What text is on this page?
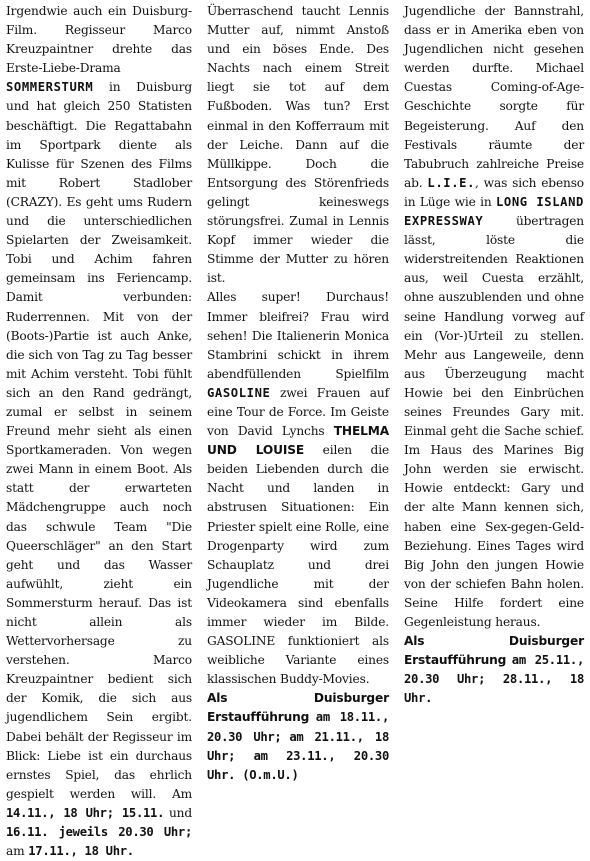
Irgendwie auch ein Duisburg-Film. Regisseur Marco Kreuzpaintner drehte das Erste-Liebe-Drama SOMMERSTURM in Duisburg und hat gleich 250 Statisten beschäftigt. Die Regattabahn im Sportpark diente als Kulisse für Szenen des Films mit Robert Stadlober (CRAZY). Es geht ums Rudern und die unterschiedlichen Spielarten der Zweisamkeit. Tobi und Achim fahren gemeinsam ins Feriencamp. Damit verbunden: Ruderrennen. Mit von der (Boots-)Partie ist auch Anke, die sich von Tag zu Tag besser mit Achim versteht. Tobi fühlt sich an den Rand gedrängt, zumal er selbst in seinem Freund mehr sieht als einen Sportkameraden. Von wegen zwei Mann in einem Boot. Als statt der erwarteten Mädchengruppe auch noch das schwule Team "Die Queerschläger" an den Start geht und das Wasser aufwühlt, zieht ein Sommersturm herauf. Das ist nicht allein als Wettervorhersage zu verstehen. Marco Kreuzpaintner bedient sich der Komik, die sich aus jugendlichem Sein ergibt. Dabei behält der Regisseur im Blick: Liebe ist ein durchaus ernstes Spiel, das ehrlich gespielt werden will. Am 14.11., 18 Uhr; 15.11. und 16.11. jeweils 20.30 Uhr; am 17.11., 18 Uhr.

Überraschend taucht Lennis Mutter auf, nimmt Anstoß und ein böses Ende. Des Nachts nach einem Streit liegt sie tot auf dem Fußboden. Was tun? Erst einmal in den Kofferraum mit der Leiche. Dann auf die Müllkippe. Doch die Entsorgung des Störenfrieds gelingt keineswegs störungsfrei. Zumal in Lennis Kopf immer wieder die Stimme der Mutter zu hören ist.

Alles super! Durchaus! Immer bleifrei? Frau wird sehen! Die Italienerin Monica Stambrini schickt in ihrem abendfüllenden Spielfilm GASOLINE zwei Frauen auf eine Tour de Force. Im Geiste von David Lynchs THELMA UND LOUISE eilen die beiden Liebenden durch die Nacht und landen in abstrusen Situationen: Ein Priester spielt eine Rolle, eine Drogenparty wird zum Schauplatz und drei Jugendliche mit der Videokamera sind ebenfalls immer wieder im Bilde. GASOLINE funktioniert als weibliche Variante eines klassischen Buddy-Movies.

Als Duisburger Erstaufführung am 18.11., 20.30 Uhr; am 21.11., 18 Uhr; am 23.11., 20.30 Uhr. (O.m.U.)

Jugendliche der Bannstrahl, dass er in Amerika eben von Jugendlichen nicht gesehen werden durfte. Michael Cuestas Coming-of-Age-Geschichte sorgte für Begeisterung. Auf den Festivals räumte der Tabubruch zahlreiche Preise ab. L.I.E., was sich ebenso in Lüge wie in LONG ISLAND EXPRESSWAY	übertragen lässt, löste die widerstreitenden Reaktionen aus, weil Cuesta erzählt, ohne auszublenden und ohne seine Handlung vorweg auf ein (Vor-)Urteil zu stellen. Mehr aus Langeweile, denn aus Überzeugung macht Howie bei den Einbrüchen seines Freundes Gary mit. Einmal geht die Sache schief. Im Haus des Marines Big John werden sie erwischt. Howie entdeckt: Gary und der alte Mann kennen sich, haben eine Sex-gegen-Geld-Beziehung. Eines Tages wird Big John den jungen Howie von der schiefen Bahn holen. Seine Hilfe fordert eine Gegenleistung heraus.

Als Duisburger Erstaufführung am 25.11., 20.30 Uhr; 28.11., 18 Uhr.
